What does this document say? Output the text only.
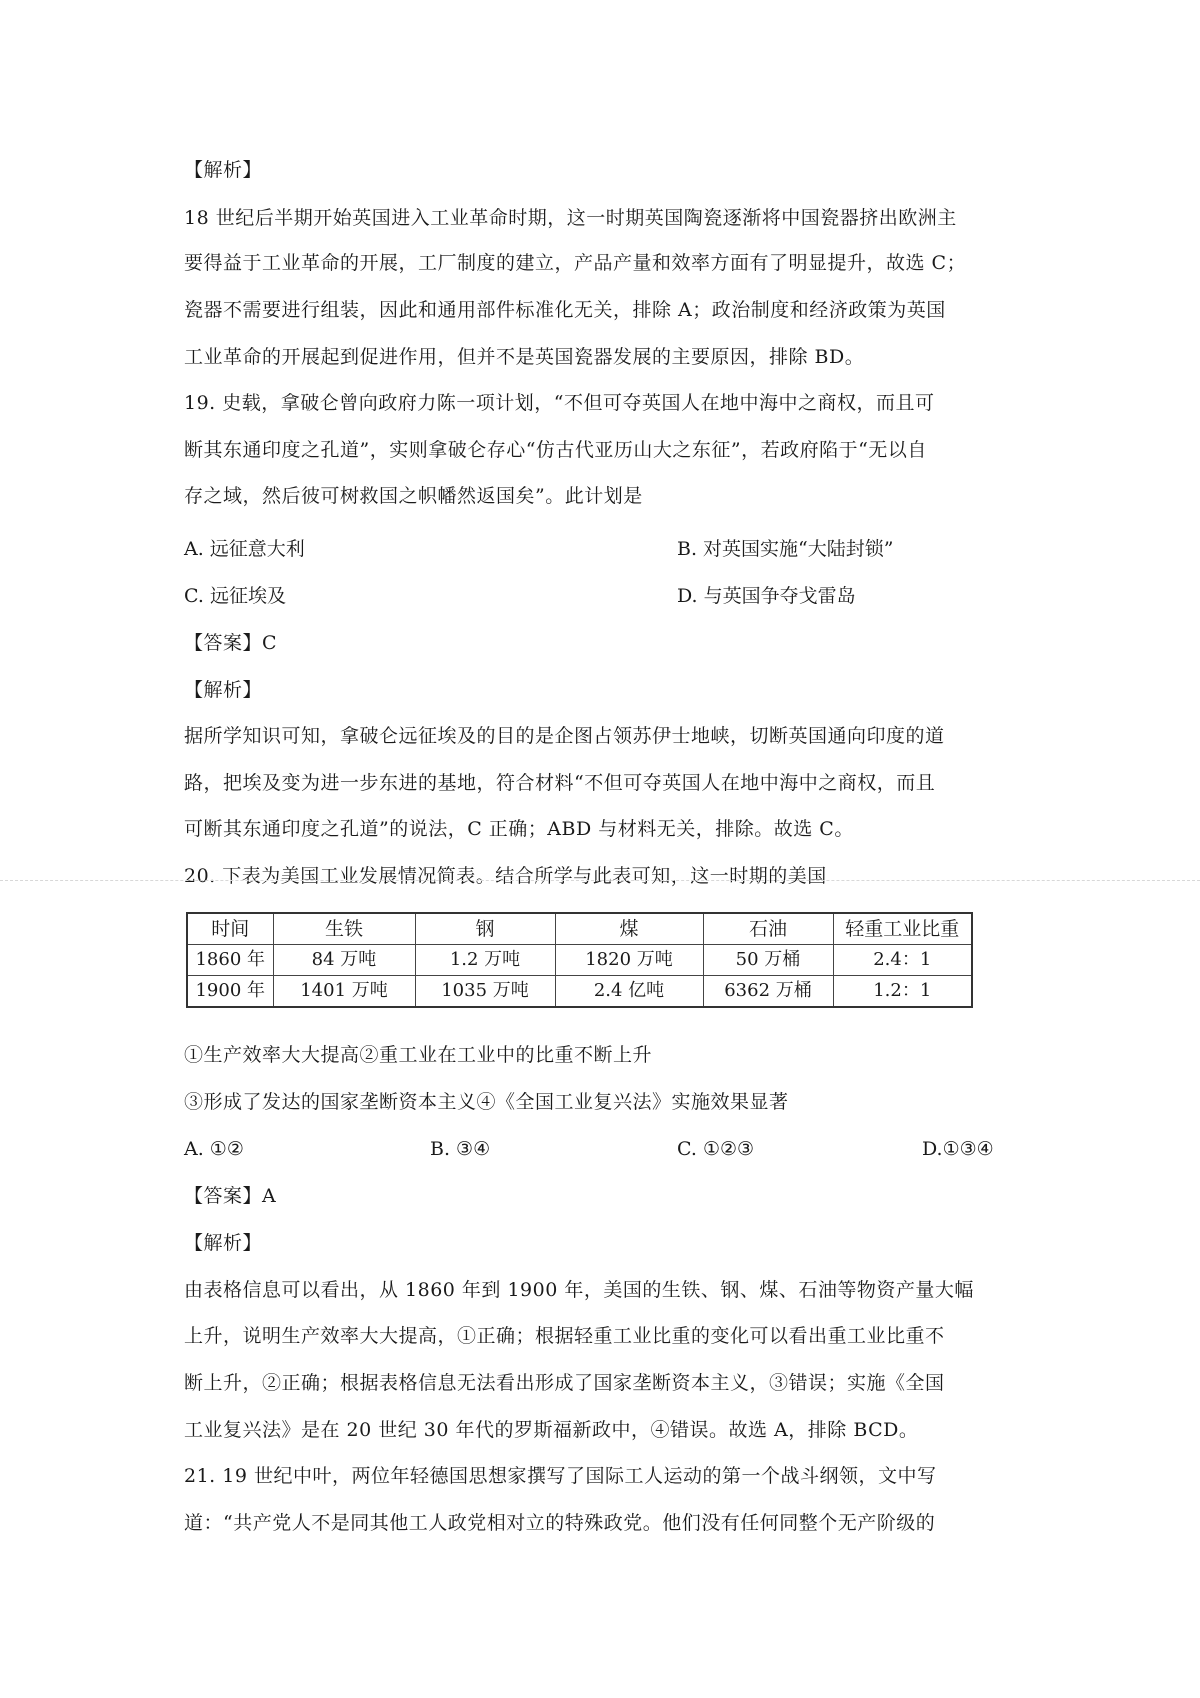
【解析】
18 世纪后半期开始英国进入工业革命时期，这一时期英国陶瓷逐渐将中国瓷器挤出欧洲主
要得益于工业革命的开展，工厂制度的建立，产品产量和效率方面有了明显提升，故选 C；
瓷器不需要进行组装，因此和通用部件标准化无关，排除 A；政治制度和经济政策为英国
工业革命的开展起到促进作用，但并不是英国瓷器发展的主要原因，排除 BD。
19. 史载，拿破仑曾向政府力陈一项计划，“不但可夺英国人在地中海中之商权，而且可
断其东通印度之孔道”，实则拿破仑存心“仿古代亚历山大之东征”，若政府陷于“无以自
存之域，然后彼可树救国之帜幡然返国矣”。此计划是
A. 远征意大利	B. 对英国实施“大陆封锁”
C. 远征埃及	D. 与英国争夺戈雷岛
【答案】C
【解析】
据所学知识可知，拿破仑远征埃及的目的是企图占领苏伊士地峡，切断英国通向印度的道
路，把埃及变为进一步东进的基地，符合材料“不但可夺英国人在地中海中之商权，而且
可断其东通印度之孔道”的说法，C 正确；ABD 与材料无关，排除。故选 C。
20. 下表为美国工业发展情况简表。结合所学与此表可知，这一时期的美国
时间	生铁	钢	煤	石油	轻重工业比重
1860 年	84 万吨	1.2 万吨	1820 万吨	50 万桶	2.4：1
1900 年	1401 万吨	1035 万吨	2.4 亿吨	6362 万桶	1.2：1
①生产效率大大提高②重工业在工业中的比重不断上升
③形成了发达的国家垄断资本主义④《全国工业复兴法》实施效果显著
A. ①②	B. ③④	C. ①②③	D.①③④
【答案】A
【解析】
由表格信息可以看出，从 1860 年到 1900 年，美国的生铁、钢、煤、石油等物资产量大幅
上升，说明生产效率大大提高，①正确；根据轻重工业比重的变化可以看出重工业比重不
断上升，②正确；根据表格信息无法看出形成了国家垄断资本主义，③错误；实施《全国
工业复兴法》是在 20 世纪 30 年代的罗斯福新政中，④错误。故选 A，排除 BCD。
21. 19 世纪中叶，两位年轻德国思想家撰写了国际工人运动的第一个战斗纲领，文中写
道：“共产党人不是同其他工人政党相对立的特殊政党。他们没有任何同整个无产阶级的
